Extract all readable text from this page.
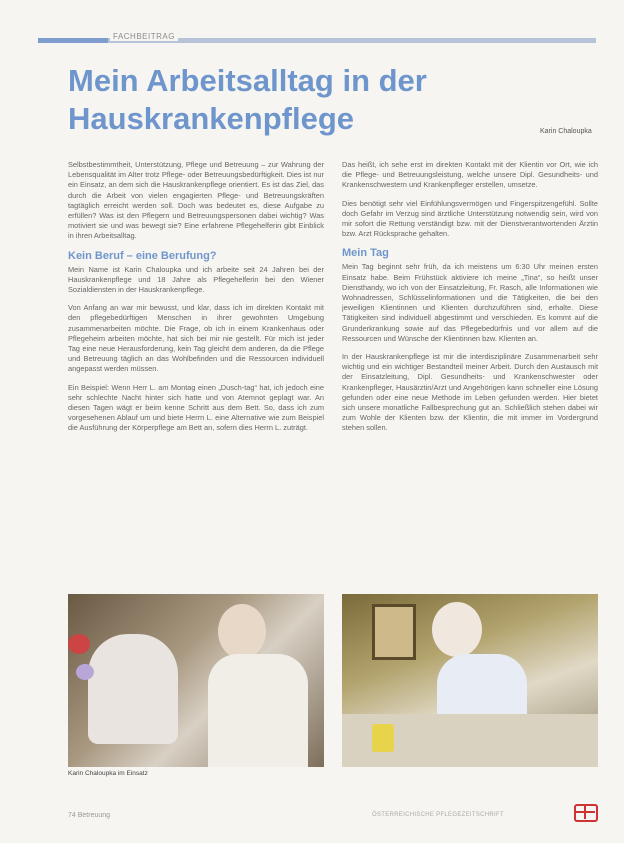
FACHBEITRAG
Mein Arbeitsalltag in der Hauskrankenpflege	Karin Chaloupka

Selbstbestimmtheit, Unterstützung, Pflege und Betreuung – zur Wahrung der Lebensqualität im Alter trotz Pflege- oder Betreuungsbedürftigkeit. Dies ist nur ein Einsatz, an dem sich die Hauskrankenpflege orientiert. Es ist das Ziel, das durch die Arbeit von vielen engagierten Pflege- und Betreuungskräften tagtäglich erreicht werden soll. Doch was bedeutet es, diese Aufgabe zu erfüllen? Was ist den Pflegern und Betreuungspersonen dabei wichtig? Was motiviert sie und was bewegt sie? Eine erfahrene Pflegehelferin gibt Einblick in ihren Arbeitsalltag.

Kein Beruf – eine Berufung?

Mein Name ist Karin Chaloupka und ich arbeite seit 24 Jahren bei der Hauskrankenpflege und 18 Jahre als Pflegehelferin bei den Wiener Sozialdiensten in der Hauskrankenpflege.

Von Anfang an war mir bewusst, und klar, dass ich im direkten Kontakt mit den pflegebedürftigen Menschen in ihrer gewohnten Umgebung zusammenarbeiten möchte. Die Frage, ob ich in einem Krankenhaus oder Pflegeheim arbeiten möchte, hat sich bei mir nie gestellt. Für mich ist jeder Tag eine neue Herausforderung, kein Tag gleicht dem anderen, da die Pflege und Betreuung täglich an das Wohlbefinden und die Ressourcen individuell angepasst werden müssen.

Ein Beispiel: Wenn Herr L. am Montag einen „Dusch-tag“ hat, ich jedoch eine sehr schlechte Nacht hinter sich hatte und von Atemnot geplagt war. An diesen Tagen wägt er beim kenne Schritt aus dem Bett. So, dass ich zum vorgesehenen Ablauf um und biete Herrn L. eine Alternative wie zum Beispiel die Ausführung der Körperpflege am Bett an, sofern dies Herrn L. zuträgt.

Das heißt, ich sehe erst im direkten Kontakt mit der Klientin vor Ort, wie ich die Pflege- und Betreuungsleistung, welche unsere Dipl. Gesundheits- und Krankenschwestern und Krankenpfleger erstellen, umsetze.

Dies benötigt sehr viel Einfühlungsvermögen und Fingerspitzengefühl. Sollte doch Gefahr im Verzug sind ärztliche Unterstützung notwendig sein, wird von mir sofort die Rettung verständigt bzw. mit der Dienstverantwortenden Ärztin bzw. Arzt Rücksprache gehalten.

Mein Tag

Mein Tag beginnt sehr früh, da ich meistens um 6:30 Uhr meinen ersten Einsatz habe. Beim Frühstück aktiviere ich meine „Tina“, so heißt unser Diensthandy, wo ich von der Einsatzleitung, Fr. Rasch, alle Informationen wie Wohnadressen, Schlüsselinformationen und die Tätigkeiten, die bei den jeweiligen Klientinnen und Klienten durchzuführen sind, erhalte. Diese Tätigkeiten sind individuell abgestimmt und verschieden. Es kommt auf die Grunderkrankung sowie auf das Pflegebedürfnis und vor allem auf die Ressourcen und Wünsche der Klientinnen bzw. Klienten an.

In der Hauskrankenpflege ist mir die interdisziplinäre Zusammenarbeit sehr wichtig und ein wichtiger Bestandteil meiner Arbeit. Durch den Austausch mit der Einsatzleitung, Dipl. Gesundheits- und Krankenschwester oder Krankenpfleger, Hausärztin/Arzt und Angehörigen kann schneller eine Lösung gefunden oder eine neue Methode im Leben gefunden werden. Hier bietet sich unsere monatliche Fallbesprechung gut an. Schließlich stehen dabei wir zum Wohle der Klienten bzw. der Klientin, die mit immer im Vordergrund stehen sollen.

Karin Chaloupka im Einsatz
74 Betreuung	ÖSTERREICHISCHE PFLEGEZEITSCHRIFT
